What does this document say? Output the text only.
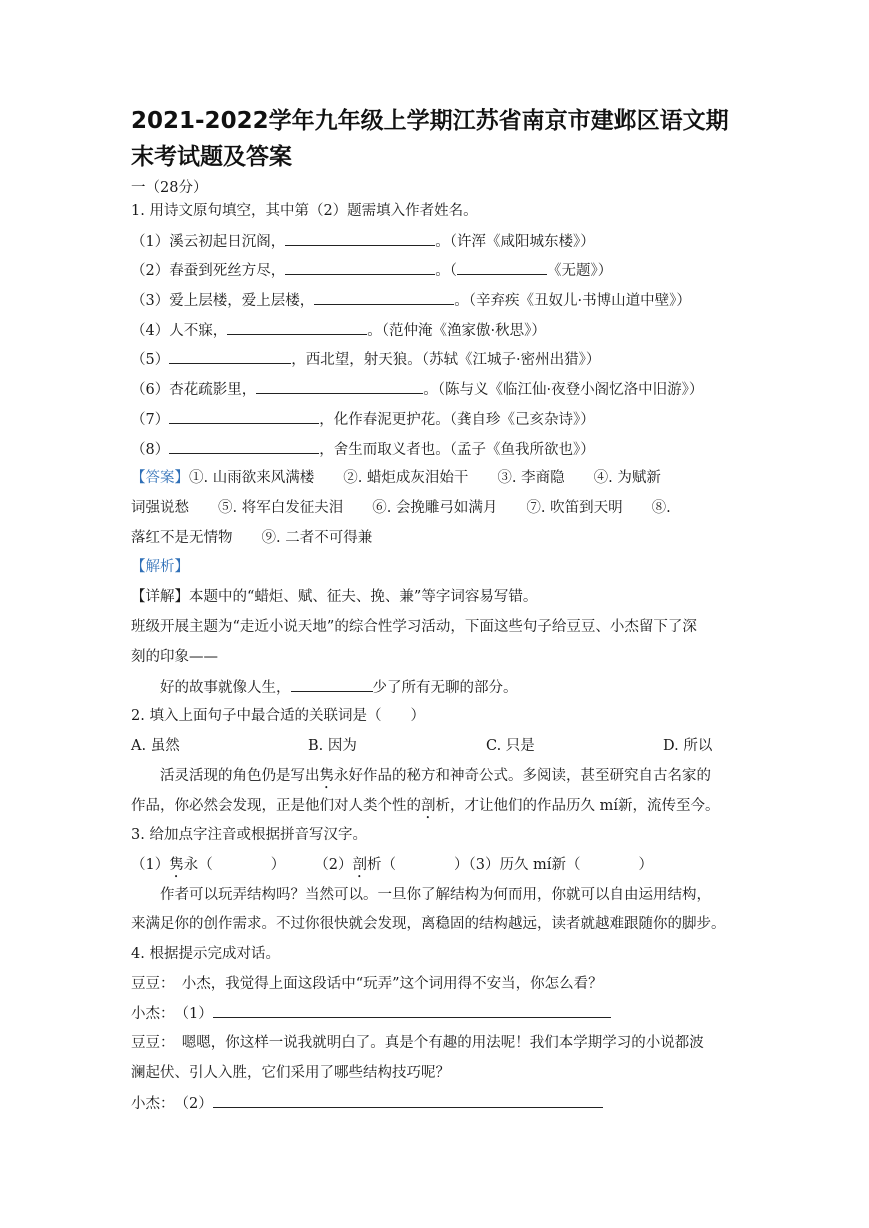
2021-2022学年九年级上学期江苏省南京市建邺区语文期末考试题及答案
一（28分）
1. 用诗文原句填空，其中第（2）题需填入作者姓名。
（1）溪云初起日沉阁，	。（许浑《咸阳城东楼》）
（2）春蚕到死丝方尽，	。（	《无题》）
（3）爱上层楼，爱上层楼，	。（辛弃疾《丑奴儿·书博山道中壁》）
（4）人不寐，	。（范仲淹《渔家傲·秋思》）
（5）	，西北望，射天狼。（苏轼《江城子·密州出猎》）
（6）杏花疏影里，	。（陈与义《临江仙·夜登小阁忆洛中旧游》）
（7）	，化作春泥更护花。（龚自珍《己亥杂诗》）
（8）	，舍生而取义者也。（孟子《鱼我所欲也》）
【答案】①. 山雨欲来风满楼　　②. 蜡炬成灰泪始干　　③. 李商隐　　④. 为赋新
词强说愁　　⑤. 将军白发征夫泪　　⑥. 会挽雕弓如满月　　⑦. 吹笛到天明　　⑧.
落红不是无情物　　⑨. 二者不可得兼
【解析】
【详解】本题中的“蜡炬、赋、征夫、挽、兼”等字词容易写错。
班级开展主题为“走近小说天地”的综合性学习活动，下面这些句子给豆豆、小杰留下了深
刻的印象——
好的故事就像人生，	少了所有无聊的部分。
2. 填入上面句子中最合适的关联词是（　　）
A. 虽然	B. 因为	C. 只是	D. 所以
活灵活现的角色仍是写出隽永好作品的秘方和神奇公式。多阅读，甚至研究自古名家的
作品，你必然会发现，正是他们对人类个性的剖析，才让他们的作品历久 mí新，流传至今。
3. 给加点字注音或根据拼音写汉字。
（1）隽永（　　　　）　　　（2）剖析（　　　　）（3）历久 mí新（　　　　）
作者可以玩弄结构吗？当然可以。一旦你了解结构为何而用，你就可以自由运用结构，
来满足你的创作需求。不过你很快就会发现，离稳固的结构越远，读者就越难跟随你的脚步。
4. 根据提示完成对话。
豆豆：　小杰，我觉得上面这段话中“玩弄”这个词用得不安当，你怎么看？
小杰：　（1）
豆豆：　嗯嗯，你这样一说我就明白了。真是个有趣的用法呢！我们本学期学习的小说都波
澜起伏、引人入胜，它们采用了哪些结构技巧呢？
小杰：　（2）
